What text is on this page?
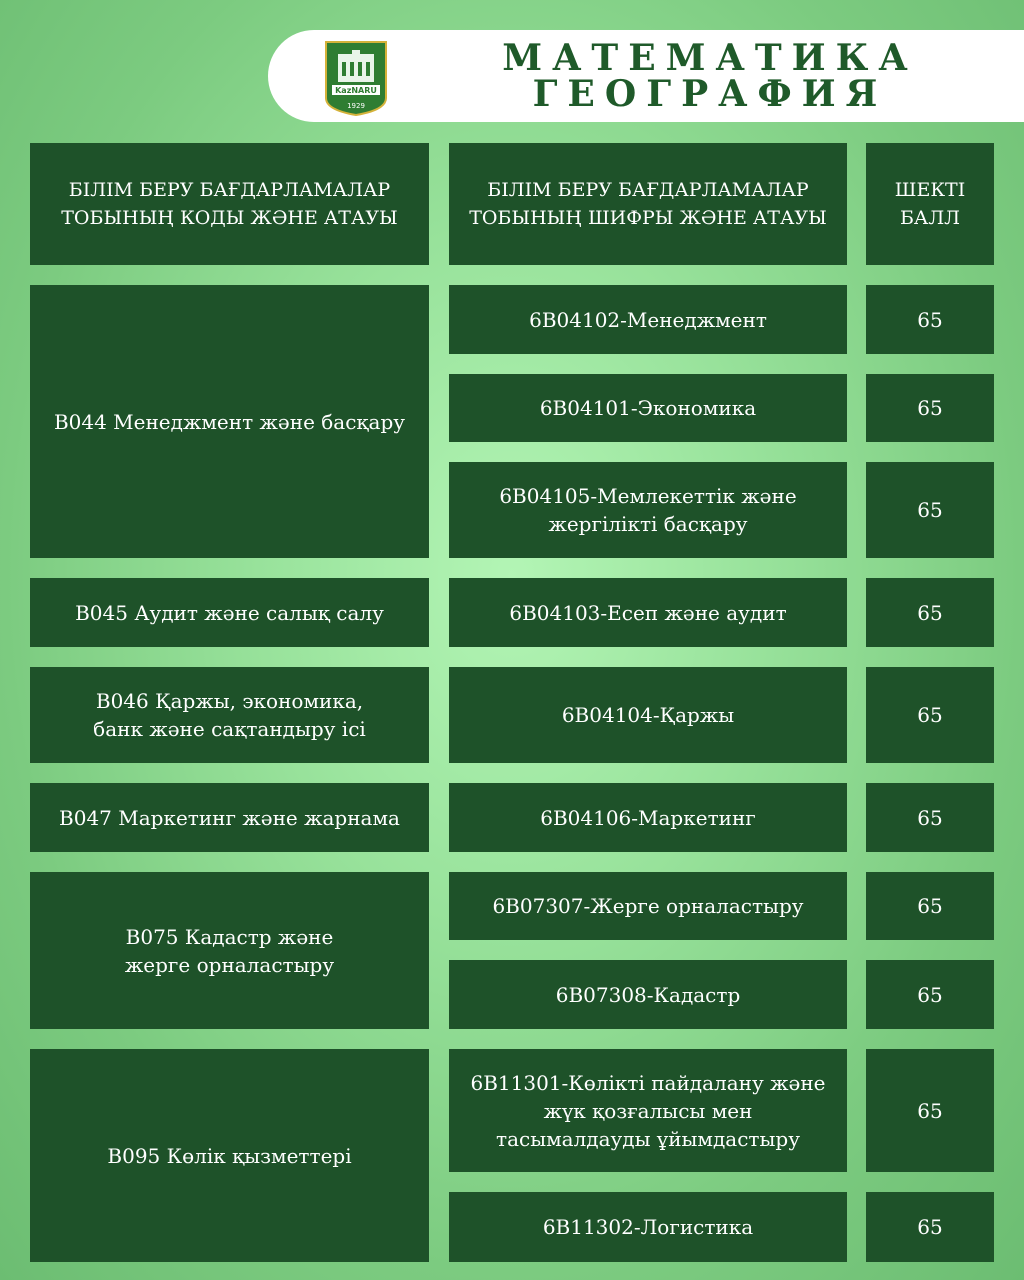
KazNARU
1929
МАТЕМАТИКА
ГЕОГРАФИЯ
БІЛІМ БЕРУ БАҒДАРЛАМАЛАР ТОБЫНЫҢ КОДЫ ЖӘНЕ АТАУЫ
БІЛІМ БЕРУ БАҒДАРЛАМАЛАР ТОБЫНЫҢ ШИФРЫ ЖӘНЕ АТАУЫ
ШЕКТІ БАЛЛ
B044 Менеджмент және басқару
B045 Аудит және салық салу
B046 Қаржы, экономика, банк және сақтандыру ісі
B047 Маркетинг және жарнама
B075 Кадастр және жерге орналастыру
B095 Көлік қызметтері
6B04102-Менеджмент
6B04101-Экономика
6B04105-Мемлекеттік және жергілікті басқару
6B04103-Есеп және аудит
6B04104-Қаржы
6B04106-Маркетинг
6B07307-Жерге орналастыру
6B07308-Кадастр
6B11301-Көлікті пайдалану және жүк қозғалысы мен тасымалдауды ұйымдастыру
6B11302-Логистика
65
65
65
65
65
65
65
65
65
65
